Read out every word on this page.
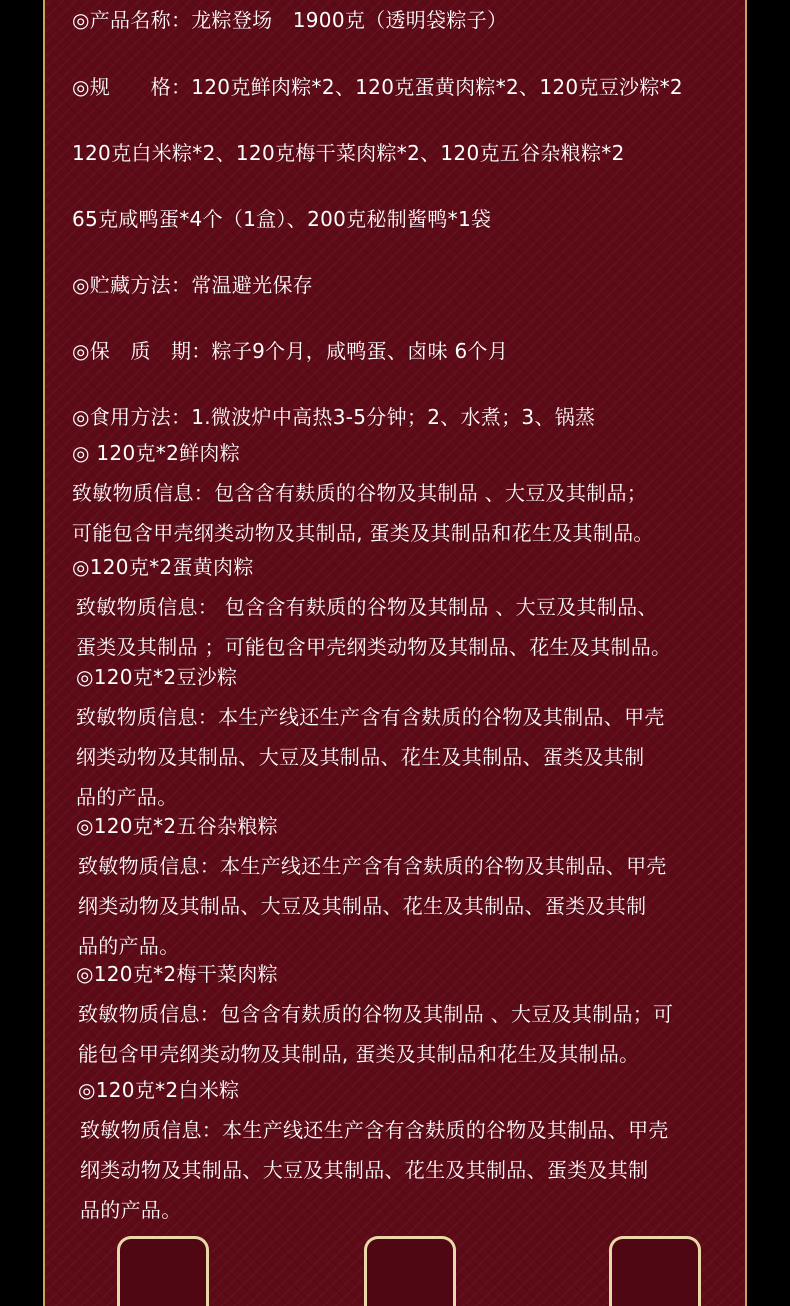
◎产品名称：龙粽登场　1900克（透明袋粽子）
◎规　　格：120克鲜肉粽*2、120克蛋黄肉粽*2、120克豆沙粽*2
120克白米粽*2、120克梅干菜肉粽*2、120克五谷杂粮粽*2
65克咸鸭蛋*4个（1盒）、200克秘制酱鸭*1袋
◎贮藏方法：常温避光保存
◎保　质　期：粽子9个月，咸鸭蛋、卤味 6个月
◎食用方法：1.微波炉中高热3-5分钟；2、水煮；3、锅蒸
◎ 120克*2鲜肉粽
致敏物质信息：包含含有麸质的谷物及其制品 、大豆及其制品；
可能包含甲壳纲类动物及其制品, 蛋类及其制品和花生及其制品。
◎120克*2蛋黄肉粽
致敏物质信息： 包含含有麸质的谷物及其制品 、大豆及其制品、
蛋类及其制品 ；可能包含甲壳纲类动物及其制品、花生及其制品。
◎120克*2豆沙粽
致敏物质信息：本生产线还生产含有含麸质的谷物及其制品、甲壳
纲类动物及其制品、大豆及其制品、花生及其制品、蛋类及其制
品的产品。
◎120克*2五谷杂粮粽
致敏物质信息：本生产线还生产含有含麸质的谷物及其制品、甲壳
纲类动物及其制品、大豆及其制品、花生及其制品、蛋类及其制
品的产品。
◎120克*2梅干菜肉粽
致敏物质信息：包含含有麸质的谷物及其制品 、大豆及其制品；可
能包含甲壳纲类动物及其制品, 蛋类及其制品和花生及其制品。
◎120克*2白米粽
致敏物质信息：本生产线还生产含有含麸质的谷物及其制品、甲壳
纲类动物及其制品、大豆及其制品、花生及其制品、蛋类及其制
品的产品。
